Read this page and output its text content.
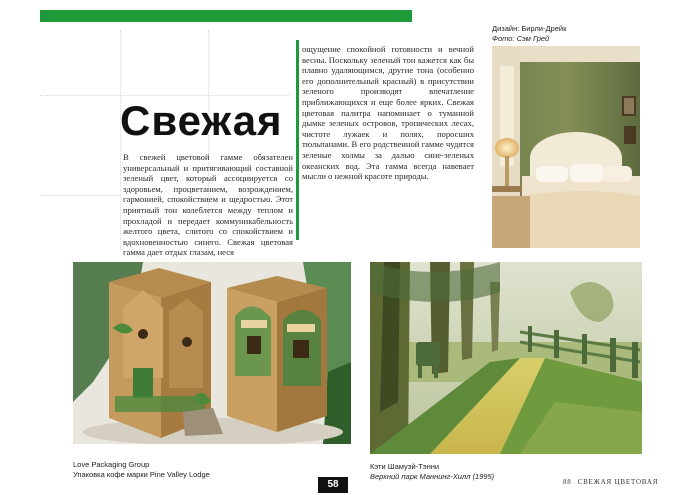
Свежая

В свежей цветовой гамме обязателен универсальный и притягивающий составной зеленый цвет, который ассоциируется со здоровьем, процветанием, возрождением, гармонией, спокойствием и щедростью. Этот приятный тон колеблется между теплом и прохладой и передает коммуникабельность желтого цвета, слитого со спокойствием и вдохновенностью синего. Свежая цветовая гамма дает отдых глазам, неся

ощущение спокойной готовности и вечной весны. Поскольку зеленый тон кажется как бы плавно удаляющимся, другие тона (особенно его дополнительный красный) в присутствии зеленого производят впечатление приближающихся и еще более ярких. Свежая цветовая палитра напоминает о туманной дымке зеленых островов, тропических лесах, чистоте лужаек и полях, поросших тюльпанами. В его родственной гамме чудятся зеленые холмы за далью сине-зеленых океанских вод. Эта гамма всегда навевает мысли о нежной красоте природы.

Дизайн: Бирли-Дрейк
Фото: Сэм Грей
Love Packaging Group
Упаковка кофе марки Pine Valley Lodge
Кэти Шамуэй-Тэнни
Верхний парк Маннинг-Хилл (1995)
58	88 СВЕЖАЯ ЦВЕТОВАЯ
